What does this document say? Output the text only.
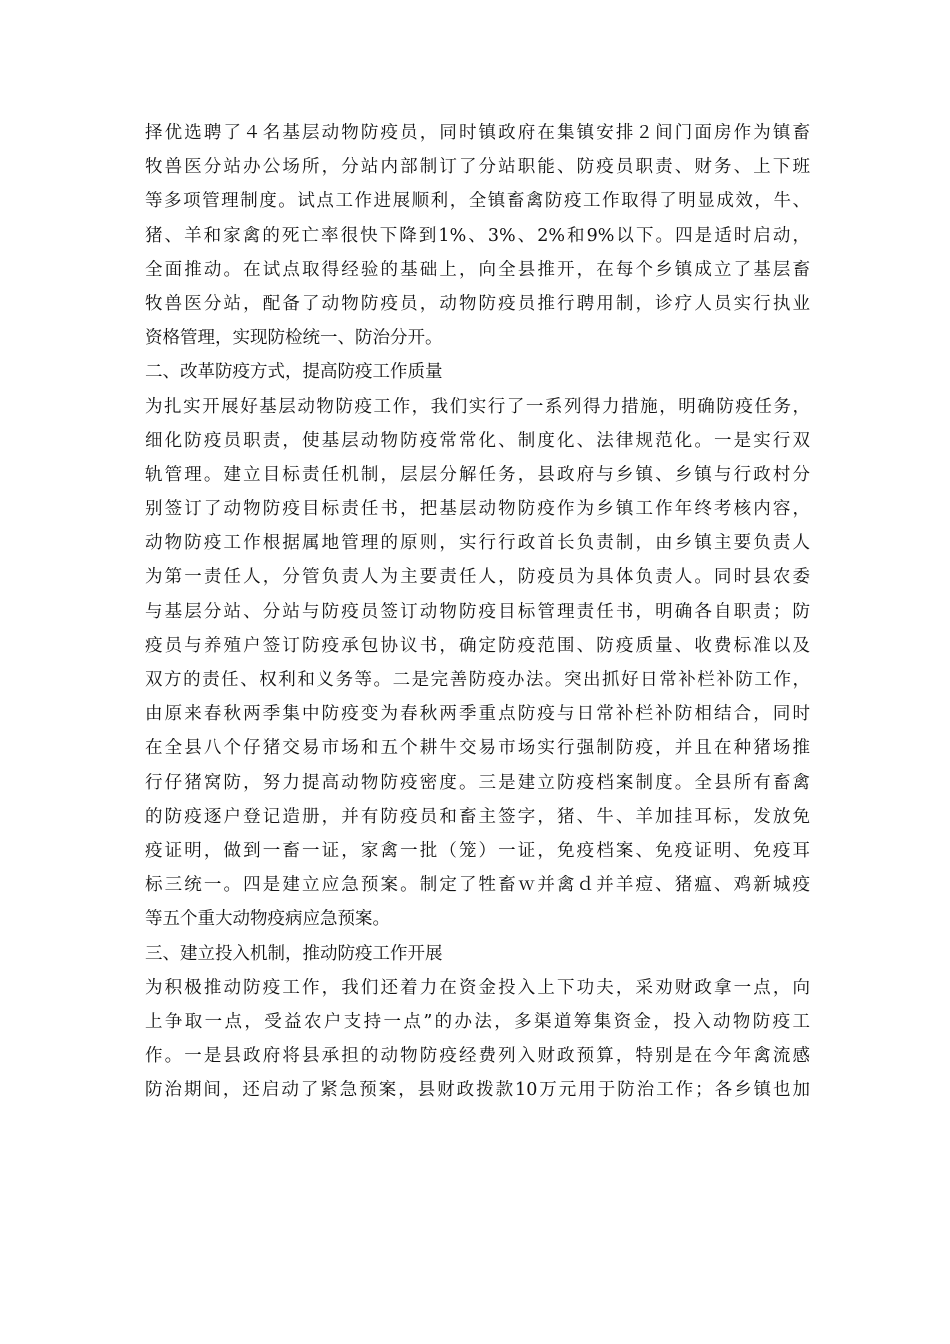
择优选聘了４名基层动物防疫员，同时镇政府在集镇安排２间门面房作为镇畜
牧兽医分站办公场所，分站内部制订了分站职能、防疫员职责、财务、上下班
等多项管理制度。试点工作进展顺利，全镇畜禽防疫工作取得了明显成效，牛、
猪、羊和家禽的死亡率很快下降到1%、3%、2%和9%以下。四是适时启动，
全面推动。在试点取得经验的基础上，向全县推开，在每个乡镇成立了基层畜
牧兽医分站，配备了动物防疫员，动物防疫员推行聘用制，诊疗人员实行执业
资格管理，实现防检统一、防治分开。
二、改革防疫方式，提高防疫工作质量
为扎实开展好基层动物防疫工作，我们实行了一系列得力措施，明确防疫任务，
细化防疫员职责，使基层动物防疫常常化、制度化、法律规范化。一是实行双
轨管理。建立目标责任机制，层层分解任务，县政府与乡镇、乡镇与行政村分
别签订了动物防疫目标责任书，把基层动物防疫作为乡镇工作年终考核内容，
动物防疫工作根据属地管理的原则，实行行政首长负责制，由乡镇主要负责人
为第一责任人，分管负责人为主要责任人，防疫员为具体负责人。同时县农委
与基层分站、分站与防疫员签订动物防疫目标管理责任书，明确各自职责；防
疫员与养殖户签订防疫承包协议书，确定防疫范围、防疫质量、收费标准以及
双方的责任、权利和义务等。二是完善防疫办法。突出抓好日常补栏补防工作，
由原来春秋两季集中防疫变为春秋两季重点防疫与日常补栏补防相结合，同时
在全县八个仔猪交易市场和五个耕牛交易市场实行强制防疫，并且在种猪场推
行仔猪窝防，努力提高动物防疫密度。三是建立防疫档案制度。全县所有畜禽
的防疫逐户登记造册，并有防疫员和畜主签字，猪、牛、羊加挂耳标，发放免
疫证明，做到一畜一证，家禽一批（笼）一证，免疫档案、免疫证明、免疫耳
标三统一。四是建立应急预案。制定了牲畜ｗ并禽ｄ并羊痘、猪瘟、鸡新城疫
等五个重大动物疫病应急预案。
三、建立投入机制，推动防疫工作开展
为积极推动防疫工作，我们还着力在资金投入上下功夫，采劝财政拿一点，向
上争取一点，受益农户支持一点”的办法，多渠道筹集资金，投入动物防疫工
作。一是县政府将县承担的动物防疫经费列入财政预算，特别是在今年禽流感
防治期间，还启动了紧急预案，县财政拨款10万元用于防治工作；各乡镇也加
